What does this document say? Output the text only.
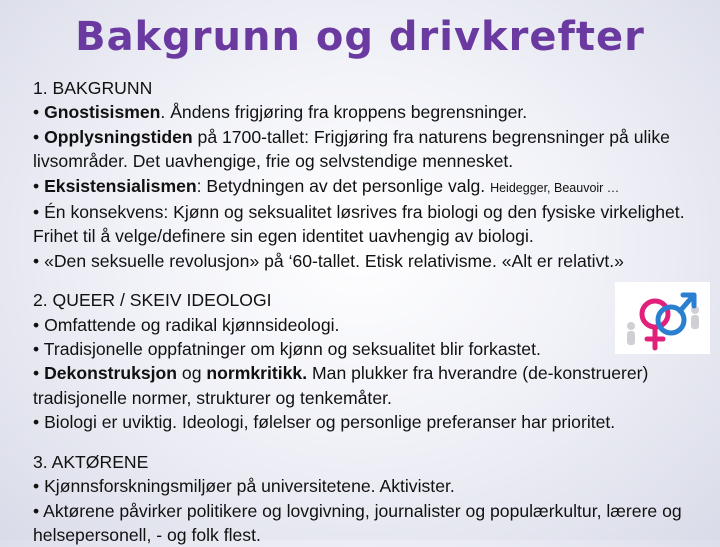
Bakgrunn og drivkrefter
1. BAKGRUNN

• Gnostisismen. Åndens frigjøring fra kroppens begrensninger.

• Opplysningstiden på 1700-tallet: Frigjøring fra naturens begrensninger på ulike livsområder. Det uavhengige, frie og selvstendige mennesket.

• Eksistensialismen: Betydningen av det personlige valg. Heidegger, Beauvoir …

• Én konsekvens: Kjønn og seksualitet løsrives fra biologi og den fysiske virkelighet. Frihet til å velge/definere sin egen identitet uavhengig av biologi.

• «Den seksuelle revolusjon» på ‘60-tallet. Etisk relativisme. «Alt er relativt.»

2. QUEER / SKEIV IDEOLOGI

• Omfattende og radikal kjønnsideologi.

• Tradisjonelle oppfatninger om kjønn og seksualitet blir forkastet.

• Dekonstruksjon og normkritikk. Man plukker fra hverandre (de-konstruerer) tradisjonelle normer, strukturer og tenkemåter.

• Biologi er uviktig. Ideologi, følelser og personlige preferanser har prioritet.

3. AKTØRENE

• Kjønnsforskningsmiljøer på universitetene. Aktivister.

• Aktørene påvirker politikere og lovgivning, journalister og populærkultur, lærere og helsepersonell, - og folk flest.
